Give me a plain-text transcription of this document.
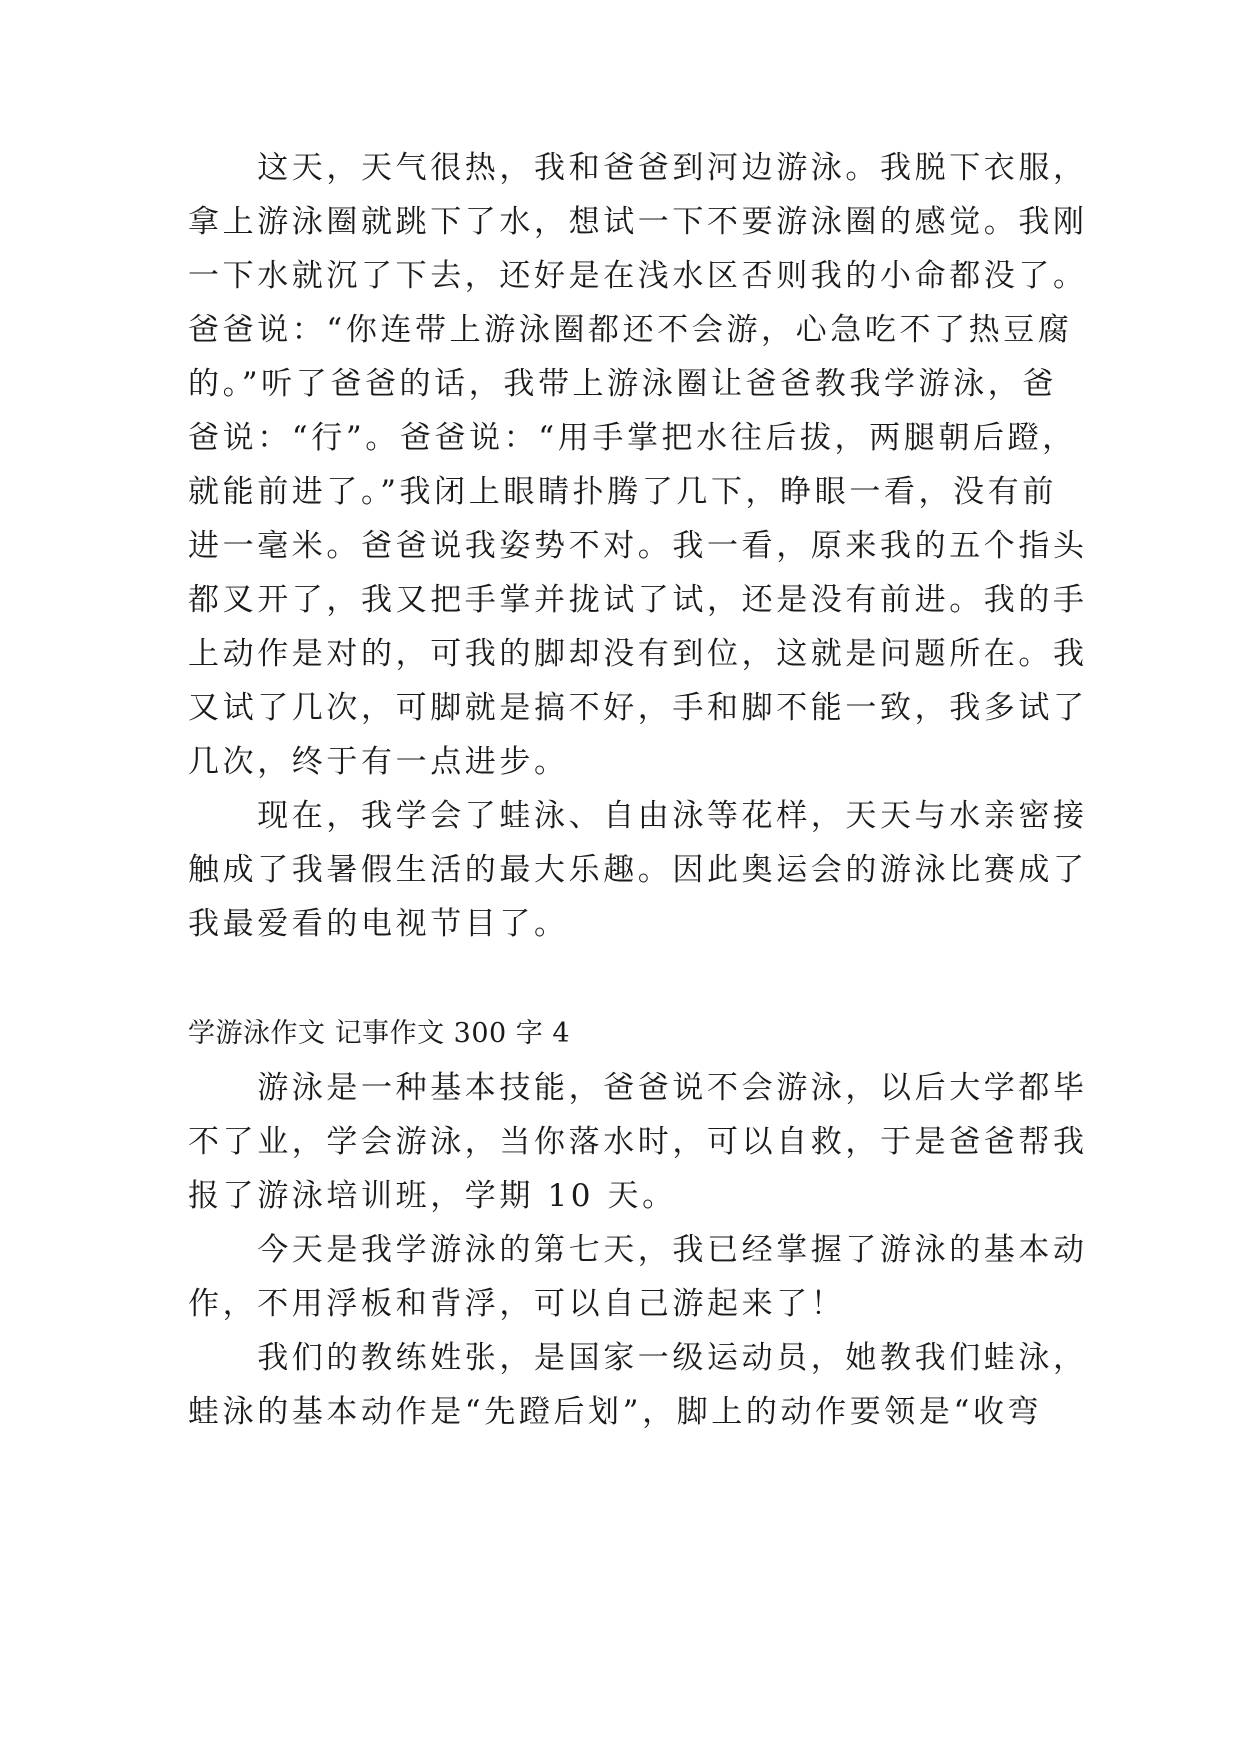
　　这天，天气很热，我和爸爸到河边游泳。我脱下衣服，
拿上游泳圈就跳下了水，想试一下不要游泳圈的感觉。我刚
一下水就沉了下去，还好是在浅水区否则我的小命都没了。
爸爸说：“你连带上游泳圈都还不会游，心急吃不了热豆腐
的。”听了爸爸的话，我带上游泳圈让爸爸教我学游泳，爸
爸说：“行”。爸爸说：“用手掌把水往后拔，两腿朝后蹬，
就能前进了。”我闭上眼睛扑腾了几下，睁眼一看，没有前
进一毫米。爸爸说我姿势不对。我一看，原来我的五个指头
都叉开了，我又把手掌并拢试了试，还是没有前进。我的手
上动作是对的，可我的脚却没有到位，这就是问题所在。我
又试了几次，可脚就是搞不好，手和脚不能一致，我多试了
几次，终于有一点进步。
　　现在，我学会了蛙泳、自由泳等花样，天天与水亲密接
触成了我暑假生活的最大乐趣。因此奥运会的游泳比赛成了
我最爱看的电视节目了。
学游泳作文 记事作文 300 字 4
　　游泳是一种基本技能，爸爸说不会游泳，以后大学都毕
不了业，学会游泳，当你落水时，可以自救，于是爸爸帮我
报了游泳培训班，学期 10 天。
　　今天是我学游泳的第七天，我已经掌握了游泳的基本动
作，不用浮板和背浮，可以自己游起来了！
　　我们的教练姓张，是国家一级运动员，她教我们蛙泳，
蛙泳的基本动作是“先蹬后划”，脚上的动作要领是“收弯
